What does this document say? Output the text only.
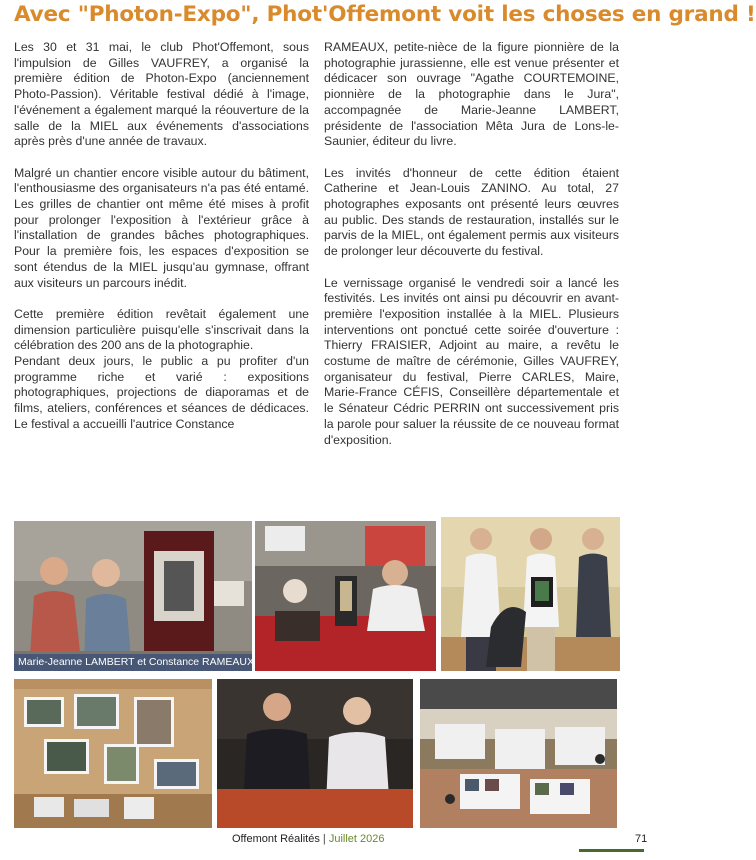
Avec "Photon-Expo", Phot'Offemont voit les choses en grand !

Les 30 et 31 mai, le club Phot'Offemont, sous l'impulsion de Gilles VAUFREY, a organisé la première édition de Photon-Expo (anciennement Photo-Passion). Véritable festival dédié à l'image, l'événement a également marqué la réouverture de la salle de la MIEL aux événements d'associations après près d'une année de travaux.

Malgré un chantier encore visible autour du bâtiment, l'enthousiasme des organisateurs n'a pas été entamé. Les grilles de chantier ont même été mises à profit pour prolonger l'exposition à l'extérieur grâce à l'installation de grandes bâches photographiques. Pour la première fois, les espaces d'exposition se sont étendus de la MIEL jusqu'au gymnase, offrant aux visiteurs un parcours inédit.

Cette première édition revêtait également une dimension particulière puisqu'elle s'inscrivait dans la célébration des 200 ans de la photographie.

Pendant deux jours, le public a pu profiter d'un programme riche et varié : expositions photographiques, projections de diaporamas et de films, ateliers, conférences et séances de dédicaces. Le festival a accueilli l'autrice Constance

RAMEAUX, petite-nièce de la figure pionnière de la photographie jurassienne, elle est venue présenter et dédicacer son ouvrage "Agathe COURTEMOINE, pionnière de la photographie dans le Jura", accompagnée de Marie-Jeanne LAMBERT, présidente de l'association Mêta Jura de Lons-le-Saunier, éditeur du livre.

Les invités d'honneur de cette édition étaient Catherine et Jean-Louis ZANINO. Au total, 27 photographes exposants ont présenté leurs œuvres au public. Des stands de restauration, installés sur le parvis de la MIEL, ont également permis aux visiteurs de prolonger leur découverte du festival.

Le vernissage organisé le vendredi soir a lancé les festivités. Les invités ont ainsi pu découvrir en avant-première l'exposition installée à la MIEL. Plusieurs interventions ont ponctué cette soirée d'ouverture : Thierry FRAISIER, Adjoint au maire, a revêtu le costume de maître de cérémonie, Gilles VAUFREY, organisateur du festival, Pierre CARLES, Maire, Marie-France CÉFIS, Conseillère départementale et le Sénateur Cédric PERRIN ont successivement pris la parole pour saluer la réussite de ce nouveau format d'exposition.

Marie-Jeanne LAMBERT et Constance RAMEAUX
Offemont Réalités | Juillet 2026	71
